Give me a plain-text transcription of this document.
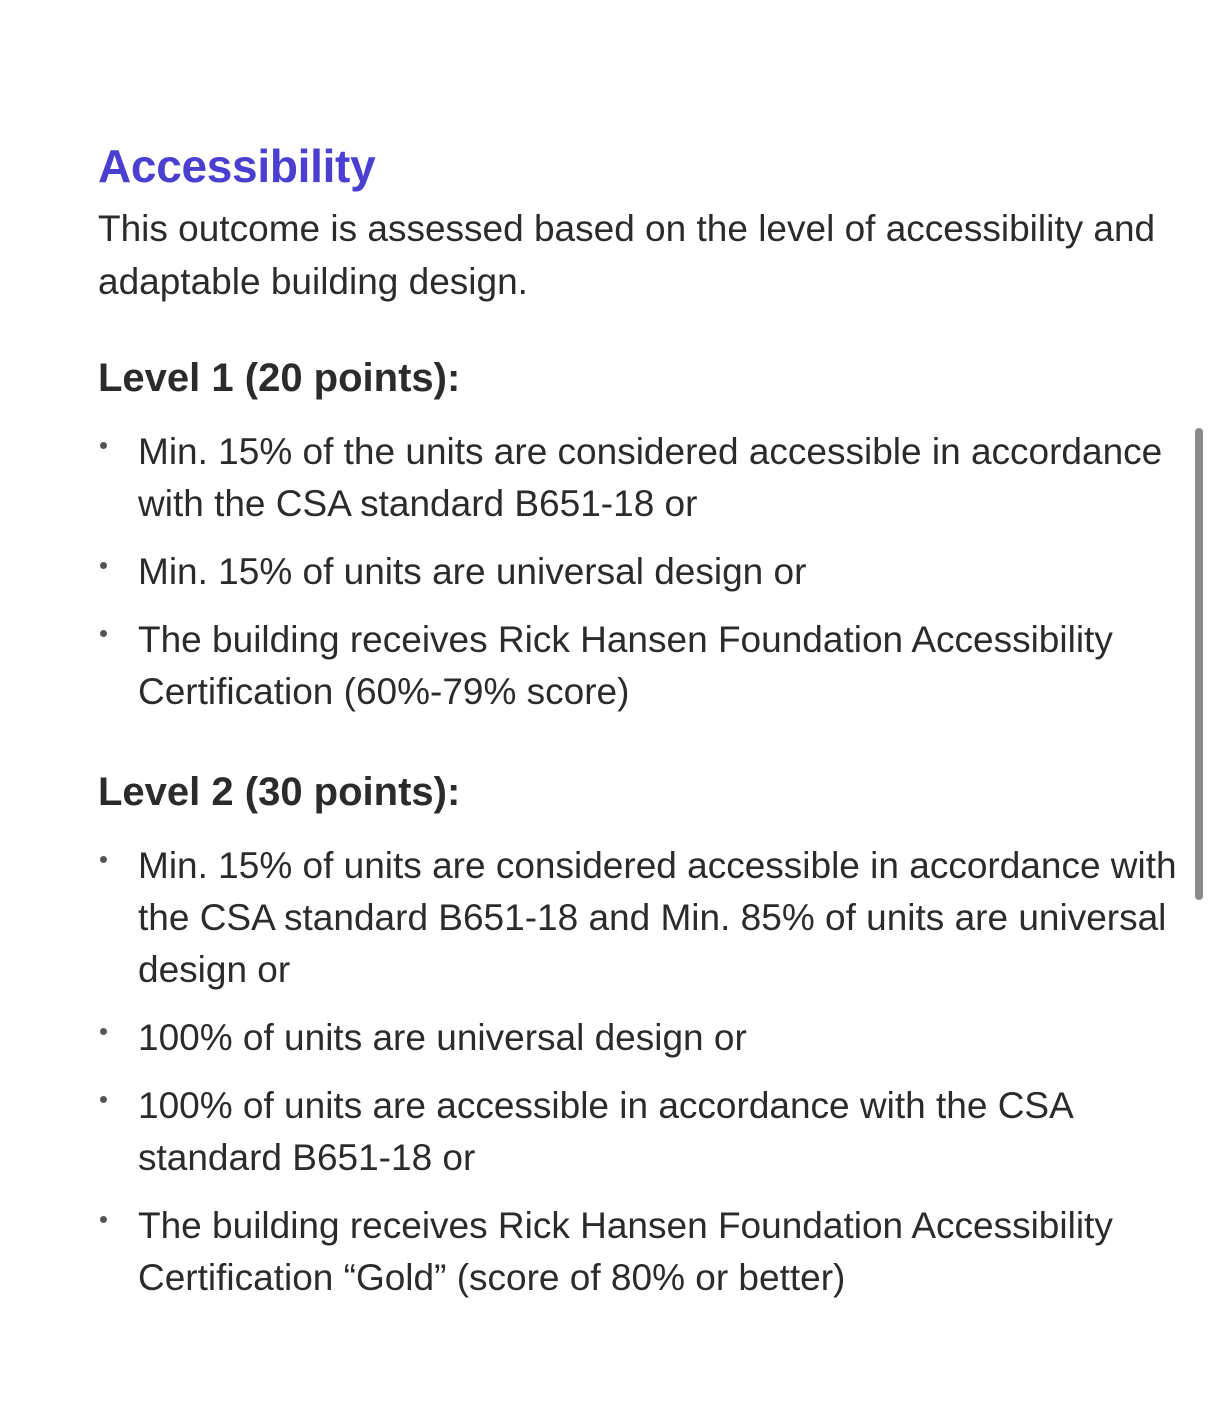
Accessibility

This outcome is assessed based on the level of accessibility and adaptable building design.

Level 1 (20 points):
Min. 15% of the units are considered accessible in accordance with the CSA standard B651-18 or
Min. 15% of units are universal design or
The building receives Rick Hansen Foundation Accessibility Certification (60%-79% score)
Level 2 (30 points):
Min. 15% of units are considered accessible in accordance with the CSA standard B651-18 and Min. 85% of units are universal design or
100% of units are universal design or
100% of units are accessible in accordance with the CSA standard B651-18 or
The building receives Rick Hansen Foundation Accessibility Certification “Gold” (score of 80% or better)
